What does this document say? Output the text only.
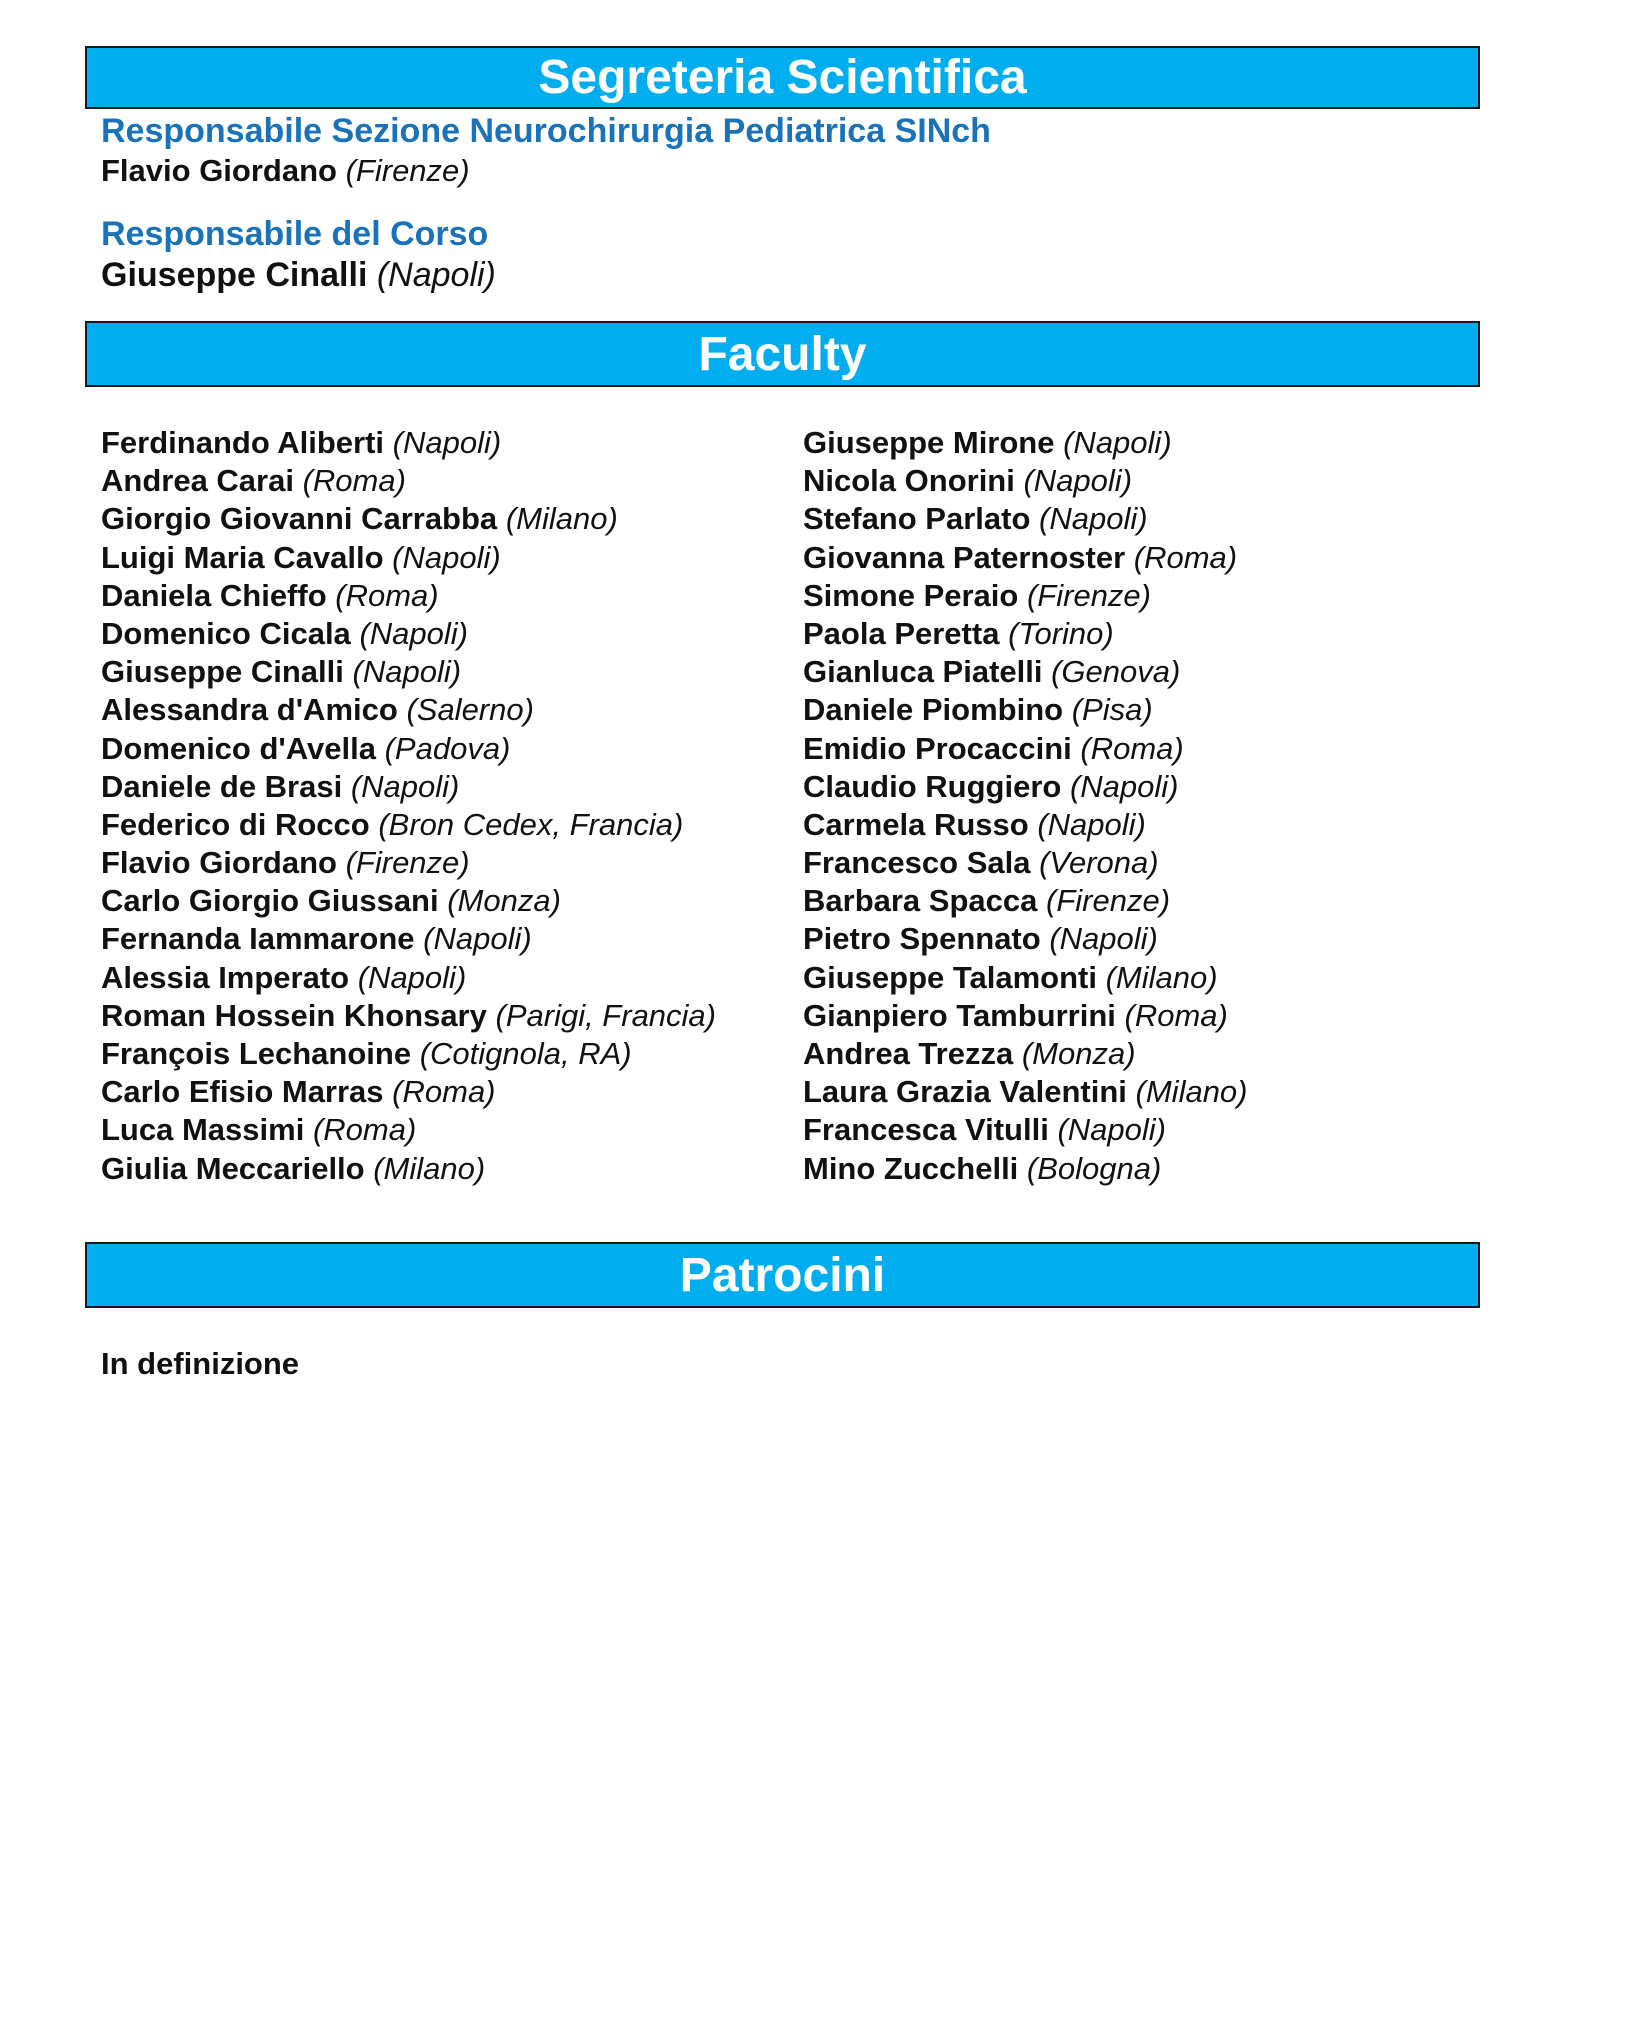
Segreteria Scientifica
Responsabile Sezione Neurochirurgia Pediatrica SINch
Flavio Giordano (Firenze)
Responsabile del Corso
Giuseppe Cinalli (Napoli)
Faculty
Ferdinando Aliberti (Napoli)
Andrea Carai (Roma)
Giorgio Giovanni Carrabba (Milano)
Luigi Maria Cavallo (Napoli)
Daniela Chieffo (Roma)
Domenico Cicala (Napoli)
Giuseppe Cinalli (Napoli)
Alessandra d'Amico (Salerno)
Domenico d'Avella (Padova)
Daniele de Brasi (Napoli)
Federico di Rocco (Bron Cedex, Francia)
Flavio Giordano (Firenze)
Carlo Giorgio Giussani (Monza)
Fernanda Iammarone (Napoli)
Alessia Imperato (Napoli)
Roman Hossein Khonsary (Parigi, Francia)
François Lechanoine (Cotignola, RA)
Carlo Efisio Marras (Roma)
Luca Massimi (Roma)
Giulia Meccariello (Milano)
Giuseppe Mirone (Napoli)
Nicola Onorini (Napoli)
Stefano Parlato (Napoli)
Giovanna Paternoster (Roma)
Simone Peraio (Firenze)
Paola Peretta (Torino)
Gianluca Piatelli (Genova)
Daniele Piombino (Pisa)
Emidio Procaccini (Roma)
Claudio Ruggiero (Napoli)
Carmela Russo (Napoli)
Francesco Sala (Verona)
Barbara Spacca (Firenze)
Pietro Spennato (Napoli)
Giuseppe Talamonti (Milano)
Gianpiero Tamburrini (Roma)
Andrea Trezza (Monza)
Laura Grazia Valentini (Milano)
Francesca Vitulli (Napoli)
Mino Zucchelli (Bologna)
Patrocini
In definizione
